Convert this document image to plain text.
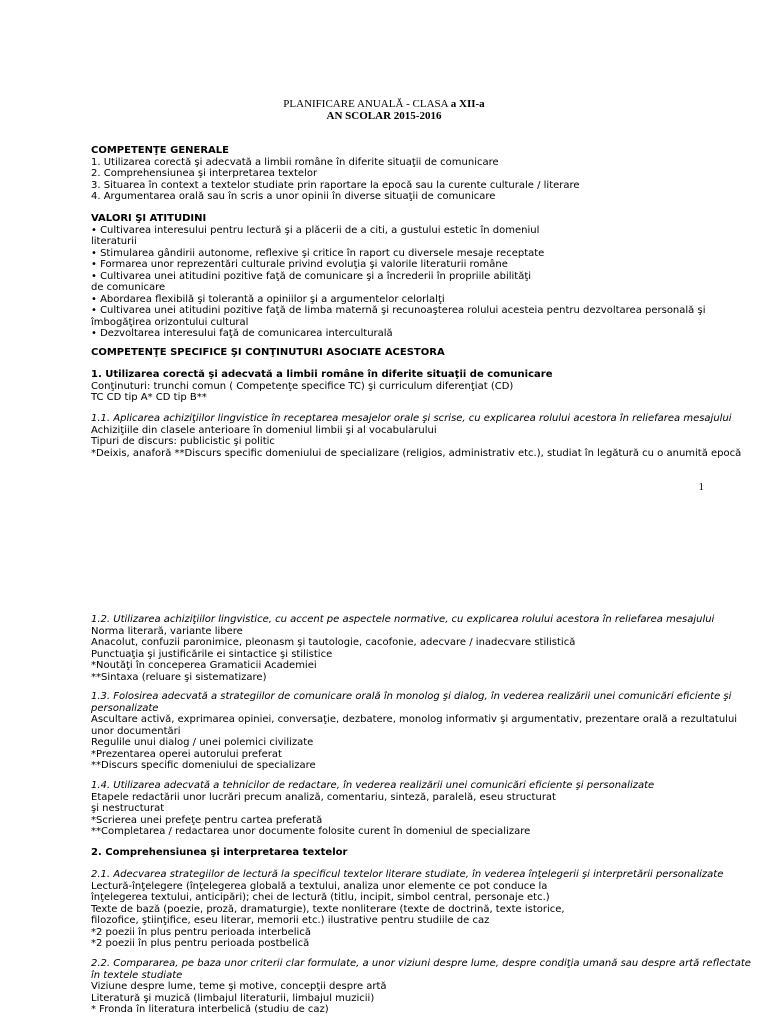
PLANIFICARE ANUALĂ - CLASA a XII-a
AN SCOLAR 2015-2016
COMPETENŢE GENERALE
1. Utilizarea corectă şi adecvată a limbii române în diferite situaţii de comunicare
2. Comprehensiunea şi interpretarea textelor
3. Situarea în context a textelor studiate prin raportare la epocă sau la curente culturale / literare
4. Argumentarea orală sau în scris a unor opinii în diverse situaţii de comunicare
VALORI ŞI ATITUDINI
• Cultivarea interesului pentru lectură şi a plăcerii de a citi, a gustului estetic în domeniul
literaturii
• Stimularea gândirii autonome, reflexive şi critice în raport cu diversele mesaje receptate
• Formarea unor reprezentări culturale privind evoluţia şi valorile literaturii române
• Cultivarea unei atitudini pozitive faţă de comunicare şi a încrederii în propriile abilităţi
de comunicare
• Abordarea flexibilă şi tolerantă a opiniilor şi a argumentelor celorlalţi
• Cultivarea unei atitudini pozitive faţă de limba maternă şi recunoaşterea rolului acesteia pentru dezvoltarea personală şi
îmbogăţirea orizontului cultural
• Dezvoltarea interesului faţă de comunicarea interculturală
COMPETENŢE SPECIFICE ŞI CONŢINUTURI ASOCIATE ACESTORA
1. Utilizarea corectă şi adecvată a limbii române în diferite situaţii de comunicare
Conţinuturi: trunchi comun ( Competenţe specifice TC) şi curriculum diferenţiat (CD)
TC CD tip A* CD tip B**
1.1. Aplicarea achiziţiilor lingvistice în receptarea mesajelor orale şi scrise, cu explicarea rolului acestora în reliefarea mesajului
Achiziţiile din clasele anterioare în domeniul limbii şi al vocabularului
Tipuri de discurs: publicistic şi politic
*Deixis, anaforă **Discurs specific domeniului de specializare (religios, administrativ etc.), studiat în legătură cu o anumită epocă
1
1.2. Utilizarea achiziţiilor lingvistice, cu accent pe aspectele normative, cu explicarea rolului acestora în reliefarea mesajului
Norma literară, variante libere
Anacolut, confuzii paronimice, pleonasm şi tautologie, cacofonie, adecvare / inadecvare stilistică
Punctuaţia şi justificările ei sintactice şi stilistice
*Noutăţi în conceperea Gramaticii Academiei
**Sintaxa (reluare şi sistematizare)
1.3. Folosirea adecvată a strategiilor de comunicare orală în monolog şi dialog, în vederea realizării unei comunicări eficiente şi
personalizate
Ascultare activă, exprimarea opiniei, conversaţie, dezbatere, monolog informativ şi argumentativ, prezentare orală a rezultatului
unor documentări
Regulile unui dialog / unei polemici civilizate
*Prezentarea operei autorului preferat
**Discurs specific domeniului de specializare
1.4. Utilizarea adecvată a tehnicilor de redactare, în vederea realizării unei comunicări eficiente şi personalizate
Etapele redactării unor lucrări precum analiză, comentariu, sinteză, paralelă, eseu structurat
şi nestructurat
*Scrierea unei prefeţe pentru cartea preferată
**Completarea / redactarea unor documente folosite curent în domeniul de specializare
2. Comprehensiunea şi interpretarea textelor
2.1. Adecvarea strategiilor de lectură la specificul textelor literare studiate, în vederea înţelegerii şi interpretării personalizate
Lectură-înţelegere (înţelegerea globală a textului, analiza unor elemente ce pot conduce la
înţelegerea textului, anticipări); chei de lectură (titlu, incipit, simbol central, personaje etc.)
Texte de bază (poezie, proză, dramaturgie), texte nonliterare (texte de doctrină, texte istorice,
filozofice, ştiinţifice, eseu literar, memorii etc.) ilustrative pentru studiile de caz
*2 poezii în plus pentru perioada interbelică
*2 poezii în plus pentru perioada postbelică
2.2. Compararea, pe baza unor criterii clar formulate, a unor viziuni despre lume, despre condiţia umană sau despre artă reflectate
în textele studiate
Viziune despre lume, teme şi motive, concepţii despre artă
Literatură şi muzică (limbajul literaturii, limbajul muzicii)
* Fronda în literatura interbelică (studiu de caz)
